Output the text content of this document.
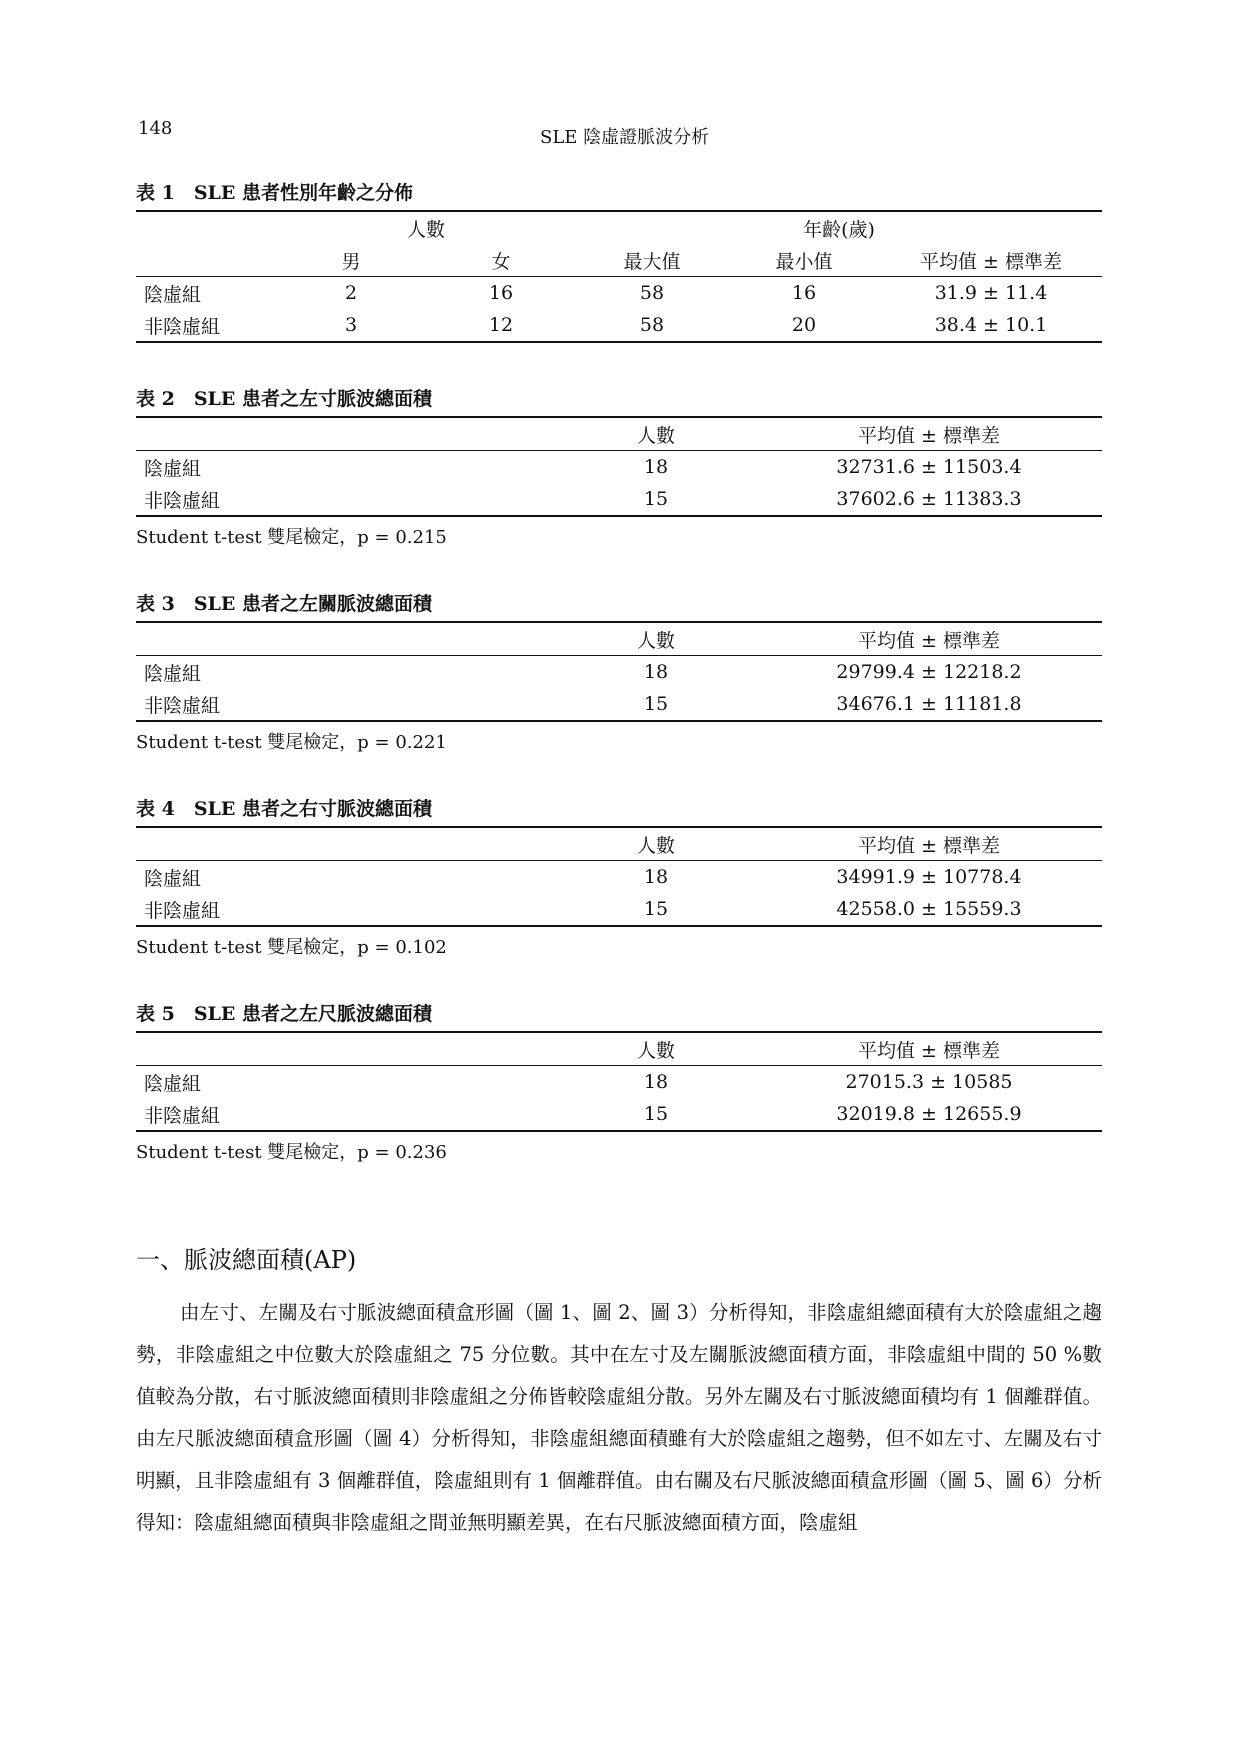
148	SLE 陰虛證脈波分析
表 1　SLE 患者性別年齡之分佈
	人數		年齡(歲)		
	男	女	最大值	最小值	平均值 ± 標準差
陰虛組	2	16	58	16	31.9 ± 11.4
非陰虛組	3	12	58	20	38.4 ± 10.1
表 2　SLE 患者之左寸脈波總面積
	人數	平均值 ± 標準差
陰虛組	18	32731.6 ± 11503.4
非陰虛組	15	37602.6 ± 11383.3
Student t-test 雙尾檢定，p = 0.215
表 3　SLE 患者之左關脈波總面積
	人數	平均值 ± 標準差
陰虛組	18	29799.4 ± 12218.2
非陰虛組	15	34676.1 ± 11181.8
Student t-test 雙尾檢定，p = 0.221
表 4　SLE 患者之右寸脈波總面積
	人數	平均值 ± 標準差
陰虛組	18	34991.9 ± 10778.4
非陰虛組	15	42558.0 ± 15559.3
Student t-test 雙尾檢定，p = 0.102
表 5　SLE 患者之左尺脈波總面積
	人數	平均值 ± 標準差
陰虛組	18	27015.3 ± 10585
非陰虛組	15	32019.8 ± 12655.9
Student t-test 雙尾檢定，p = 0.236
一、脈波總面積(AP)

由左寸、左關及右寸脈波總面積盒形圖（圖 1、圖 2、圖 3）分析得知，非陰虛組總面積有大於陰虛組之趨勢，非陰虛組之中位數大於陰虛組之 75 分位數。其中在左寸及左關脈波總面積方面，非陰虛組中間的 50 %數值較為分散，右寸脈波總面積則非陰虛組之分佈皆較陰虛組分散。另外左關及右寸脈波總面積均有 1 個離群值。由左尺脈波總面積盒形圖（圖 4）分析得知，非陰虛組總面積雖有大於陰虛組之趨勢，但不如左寸、左關及右寸明顯，且非陰虛組有 3 個離群值，陰虛組則有 1 個離群值。由右關及右尺脈波總面積盒形圖（圖 5、圖 6）分析得知：陰虛組總面積與非陰虛組之間並無明顯差異，在右尺脈波總面積方面，陰虛組
